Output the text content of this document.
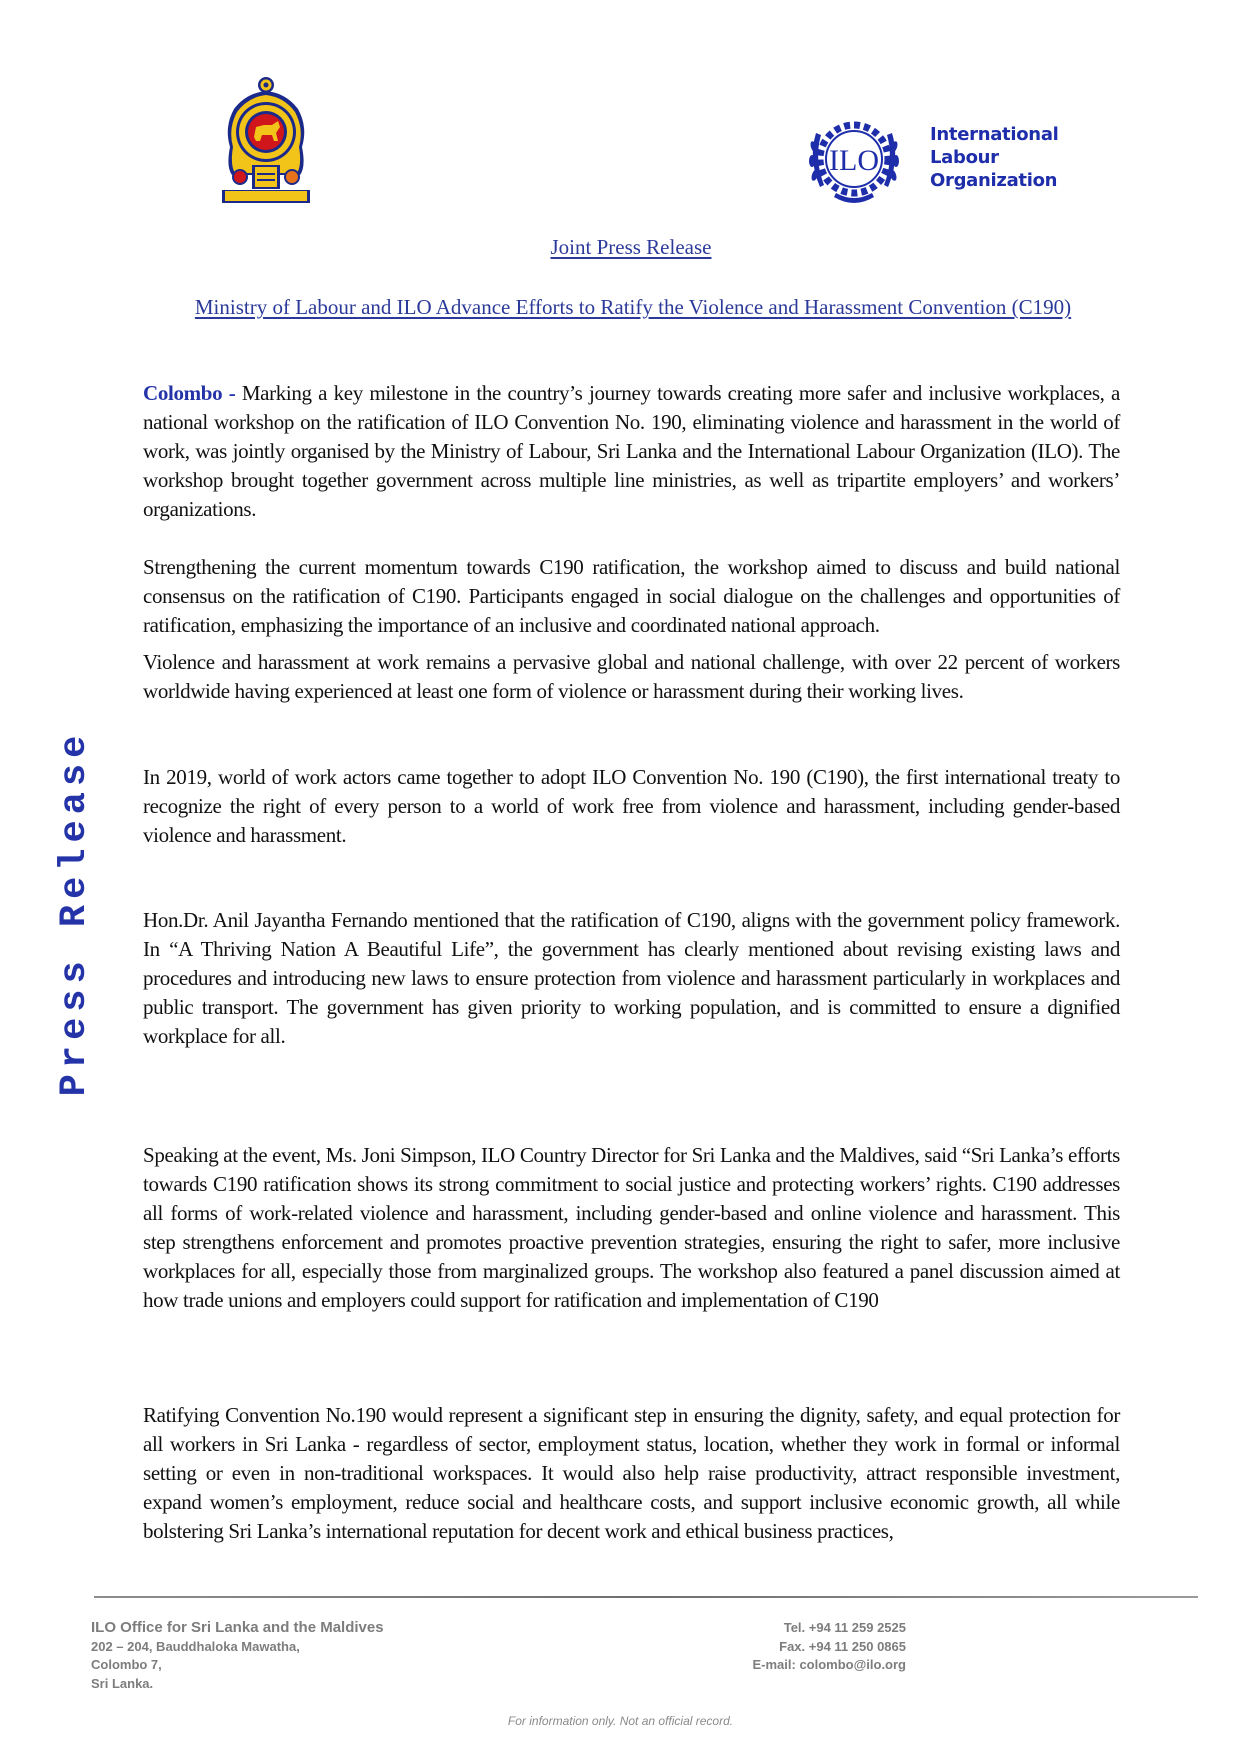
ILO
International
Labour
Organization
Joint Press Release
Ministry of Labour and ILO Advance Efforts to Ratify the Violence and Harassment Convention (C190)
Press Release

Colombo - Marking a key milestone in the country’s journey towards creating more safer and inclusive workplaces, a national workshop on the ratification of ILO Convention No. 190, eliminating violence and harassment in the world of work, was jointly organised by the Ministry of Labour, Sri Lanka and the International Labour Organization (ILO). The workshop brought together government across multiple line ministries, as well as tripartite employers’ and workers’ organizations.

Strengthening the current momentum towards C190 ratification, the workshop aimed to discuss and build national consensus on the ratification of C190. Participants engaged in social dialogue on the challenges and opportunities of ratification, emphasizing the importance of an inclusive and coordinated national approach.

Violence and harassment at work remains a pervasive global and national challenge, with over 22 percent of workers worldwide having experienced at least one form of violence or harassment during their working lives.

In 2019, world of work actors came together to adopt ILO Convention No. 190 (C190), the first international treaty to recognize the right of every person to a world of work free from violence and harassment, including gender-based violence and harassment.

Hon.Dr. Anil Jayantha Fernando mentioned that the ratification of C190, aligns with the government policy framework. In “A Thriving Nation A Beautiful Life”, the government has clearly mentioned about revising existing laws and procedures and introducing new laws to ensure protection from violence and harassment particularly in workplaces and public transport. The government has given priority to working population, and is committed to ensure a dignified workplace for all.

Speaking at the event, Ms. Joni Simpson, ILO Country Director for Sri Lanka and the Maldives, said “Sri Lanka’s efforts towards C190 ratification shows its strong commitment to social justice and protecting workers’ rights. C190 addresses all forms of work-related violence and harassment, including gender-based and online violence and harassment. This step strengthens enforcement and promotes proactive prevention strategies, ensuring the right to safer, more inclusive workplaces for all, especially those from marginalized groups. The workshop also featured a panel discussion aimed at how trade unions and employers could support for ratification and implementation of C190

Ratifying Convention No.190 would represent a significant step in ensuring the dignity, safety, and equal protection for all workers in Sri Lanka - regardless of sector, employment status, location, whether they work in formal or informal setting or even in non-traditional workspaces. It would also help raise productivity, attract responsible investment, expand women’s employment, reduce social and healthcare costs, and support inclusive economic growth, all while bolstering Sri Lanka’s international reputation for decent work and ethical business practices,

ILO Office for Sri Lanka and the Maldives
202 – 204, Bauddhaloka Mawatha,
Colombo 7,
Sri Lanka.
Tel. +94 11 259 2525
Fax. +94 11 250 0865
E-mail: colombo@ilo.org
For information only. Not an official record.
